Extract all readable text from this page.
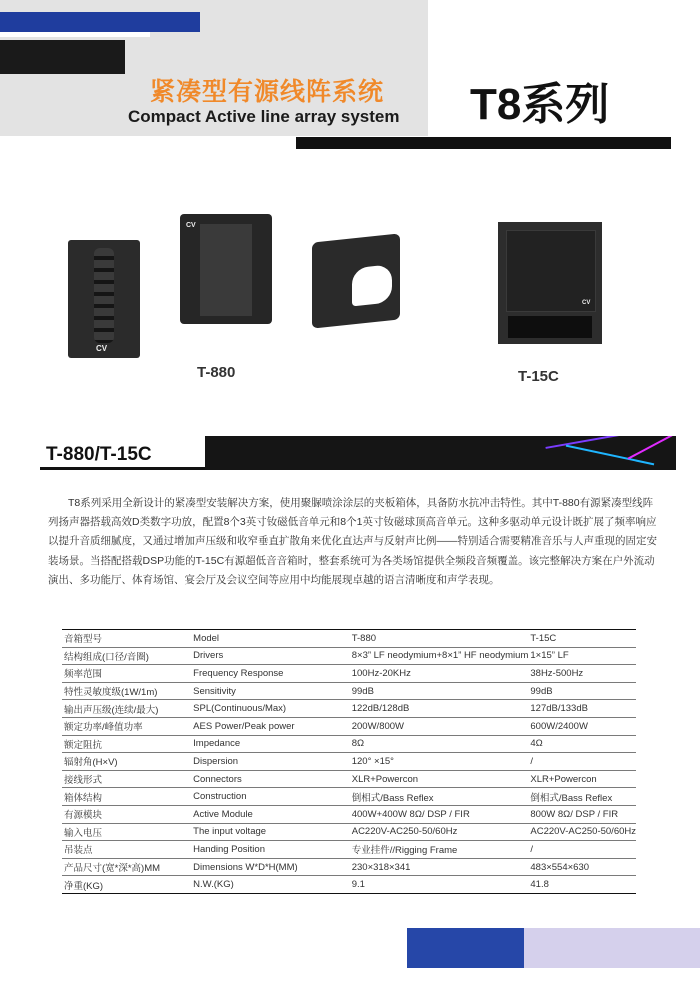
紧凑型有源线阵系统
Compact Active line array system T8系列
CV
CV
CV
T-880	T-15C
T-880/T-15C
T8系列采用全新设计的紧凑型安装解决方案，使用聚脲喷涂涂层的夹板箱体，具备防水抗冲击特性。其中T-880有源紧凑型线阵列扬声器搭载高效D类数字功放，配置8个3英寸钕磁低音单元和8个1英寸钕磁球顶高音单元。这种多驱动单元设计既扩展了频率响应以提升音质细腻度，又通过增加声压级和收窄垂直扩散角来优化直达声与反射声比例——特别适合需要精准音乐与人声重现的固定安装场景。当搭配搭载DSP功能的T-15C有源超低音音箱时，整套系统可为各类场馆提供全频段音频覆盖。该完整解决方案在户外流动演出、多功能厅、体育场馆、宴会厅及会议空间等应用中均能展现卓越的语言清晰度和声学表现。
音箱型号	Model	T-880	T-15C
结构组成(口径/音圈)	Drivers	8×3” LF neodymium+8×1” HF neodymium	1×15” LF
频率范围	Frequency Response	100Hz-20KHz	38Hz-500Hz
特性灵敏度级(1W/1m)	Sensitivity	99dB	99dB
输出声压级(连续/最大)	SPL(Continuous/Max)	122dB/128dB	127dB/133dB
额定功率/峰值功率	AES Power/Peak power	200W/800W	600W/2400W
额定阻抗	Impedance	8Ω	4Ω
辐射角(H×V)	Dispersion	120° ×15°	/
接线形式	Connectors	XLR+Powercon	XLR+Powercon
箱体结构	Construction	倒相式/Bass Reflex	倒相式/Bass Reflex
有源模块	Active Module	400W+400W 8Ω/ DSP / FIR	800W 8Ω/ DSP / FIR
输入电压	The input voltage	AC220V-AC250-50/60Hz	AC220V-AC250-50/60Hz
吊装点	Handing Position	专业挂件//Rigging Frame	/
产品尺寸(宽*深*高)MM	Dimensions W*D*H(MM)	230×318×341	483×554×630
净重(KG)	N.W.(KG)	9.1	41.8
